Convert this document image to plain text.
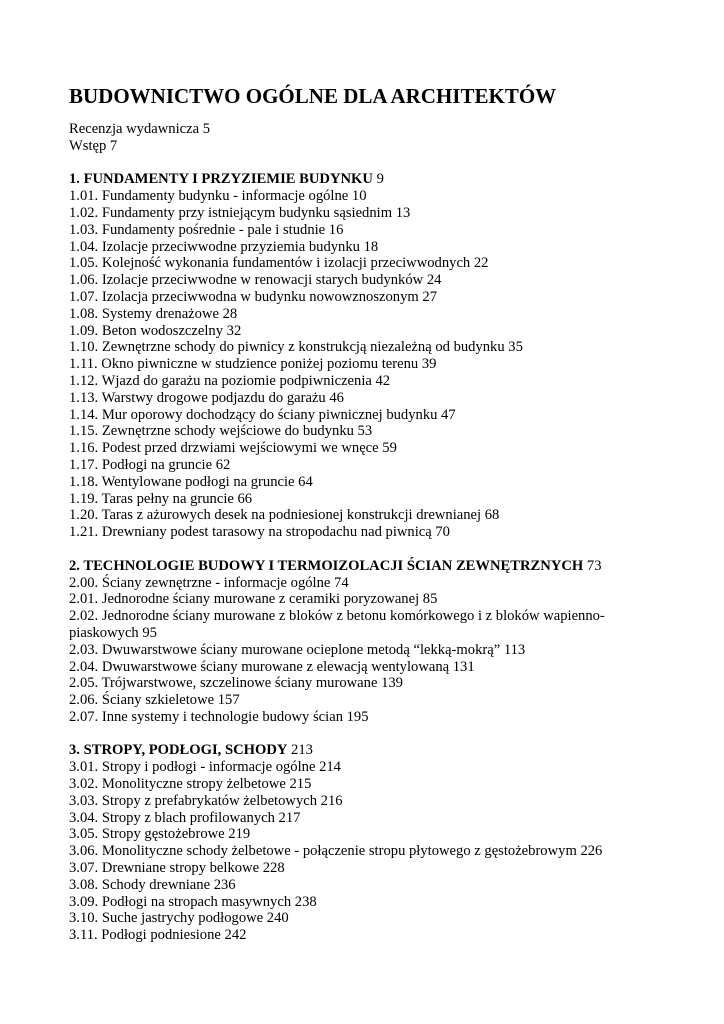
BUDOWNICTWO OGÓLNE DLA ARCHITEKTÓW
Recenzja wydawnicza 5
Wstęp 7
1. FUNDAMENTY I PRZYZIEMIE BUDYNKU 9
1.01. Fundamenty budynku - informacje ogólne 10
1.02. Fundamenty przy istniejącym budynku sąsiednim 13
1.03. Fundamenty pośrednie - pale i studnie 16
1.04. Izolacje przeciwwodne przyziemia budynku 18
1.05. Kolejność wykonania fundamentów i izolacji przeciwwodnych 22
1.06. Izolacje przeciwwodne w renowacji starych budynków 24
1.07. Izolacja przeciwwodna w budynku nowowznoszonym 27
1.08. Systemy drenażowe 28
1.09. Beton wodoszczelny 32
1.10. Zewnętrzne schody do piwnicy z konstrukcją niezależną od budynku 35
1.11. Okno piwniczne w studzience poniżej poziomu terenu 39
1.12. Wjazd do garażu na poziomie podpiwniczenia 42
1.13. Warstwy drogowe podjazdu do garażu 46
1.14. Mur oporowy dochodzący do ściany piwnicznej budynku 47
1.15. Zewnętrzne schody wejściowe do budynku 53
1.16. Podest przed drzwiami wejściowymi we wnęce 59
1.17. Podłogi na gruncie 62
1.18. Wentylowane podłogi na gruncie 64
1.19. Taras pełny na gruncie 66
1.20. Taras z ażurowych desek na podniesionej konstrukcji drewnianej 68
1.21. Drewniany podest tarasowy na stropodachu nad piwnicą 70
2. TECHNOLOGIE BUDOWY I TERMOIZOLACJI ŚCIAN ZEWNĘTRZNYCH 73
2.00. Ściany zewnętrzne - informacje ogólne 74
2.01. Jednorodne ściany murowane z ceramiki poryzowanej 85
2.02. Jednorodne ściany murowane z bloków z betonu komórkowego i z bloków wapienno-piaskowych 95
2.03. Dwuwarstwowe ściany murowane ocieplone metodą “lekką-mokrą” 113
2.04. Dwuwarstwowe ściany murowane z elewacją wentylowaną 131
2.05. Trójwarstwowe, szczelinowe ściany murowane 139
2.06. Ściany szkieletowe 157
2.07. Inne systemy i technologie budowy ścian 195
3. STROPY, PODŁOGI, SCHODY 213
3.01. Stropy i podłogi - informacje ogólne 214
3.02. Monolityczne stropy żelbetowe 215
3.03. Stropy z prefabrykatów żelbetowych 216
3.04. Stropy z blach profilowanych 217
3.05. Stropy gęstożebrowe 219
3.06. Monolityczne schody żelbetowe - połączenie stropu płytowego z gęstożebrowym 226
3.07. Drewniane stropy belkowe 228
3.08. Schody drewniane 236
3.09. Podłogi na stropach masywnych 238
3.10. Suche jastrychy podłogowe 240
3.11. Podłogi podniesione 242
